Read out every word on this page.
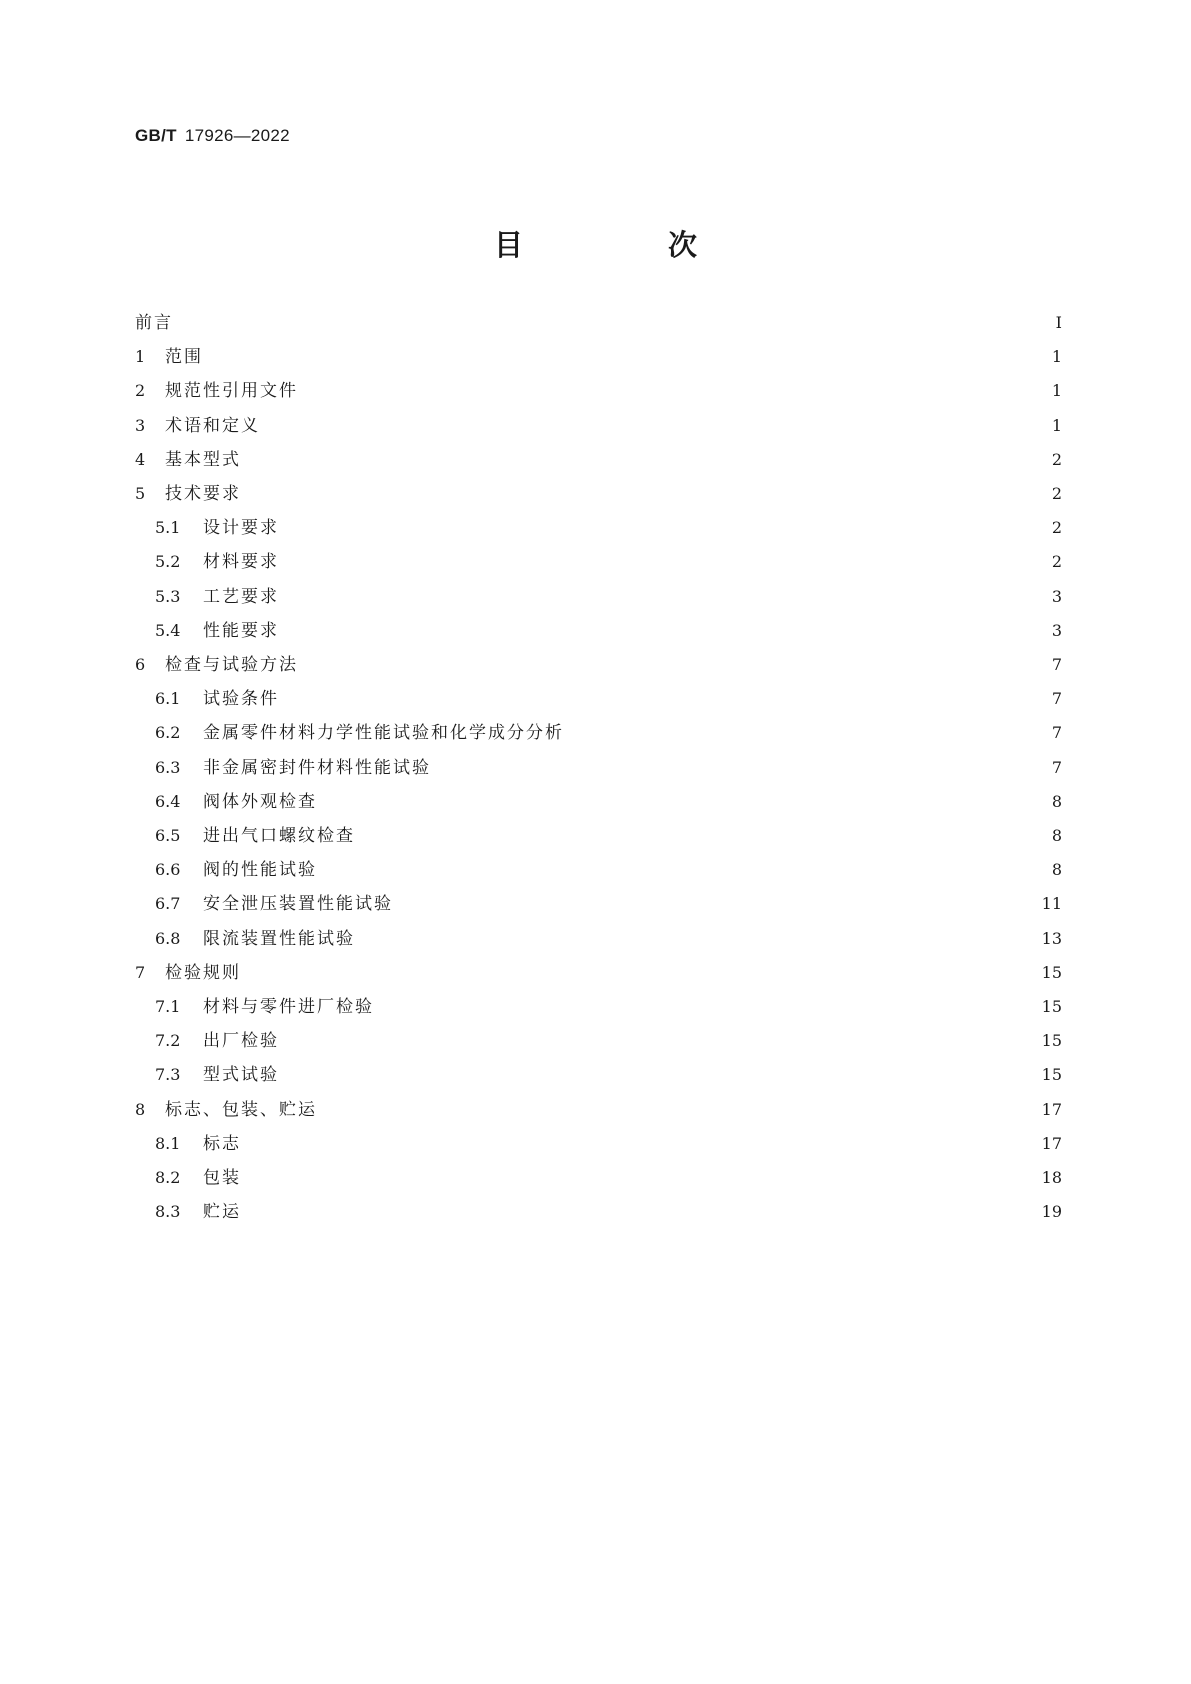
GB/T 17926—2022
目　次
前言	Ⅰ
1	范围	1
2	规范性引用文件	1
3	术语和定义	1
4	基本型式	2
5	技术要求	2
5.1	设计要求	2
5.2	材料要求	2
5.3	工艺要求	3
5.4	性能要求	3
6	检查与试验方法	7
6.1	试验条件	7
6.2	金属零件材料力学性能试验和化学成分分析	7
6.3	非金属密封件材料性能试验	7
6.4	阀体外观检查	8
6.5	进出气口螺纹检查	8
6.6	阀的性能试验	8
6.7	安全泄压装置性能试验	11
6.8	限流装置性能试验	13
7	检验规则	15
7.1	材料与零件进厂检验	15
7.2	出厂检验	15
7.3	型式试验	15
8	标志、包装、贮运	17
8.1	标志	17
8.2	包装	18
8.3	贮运	19
